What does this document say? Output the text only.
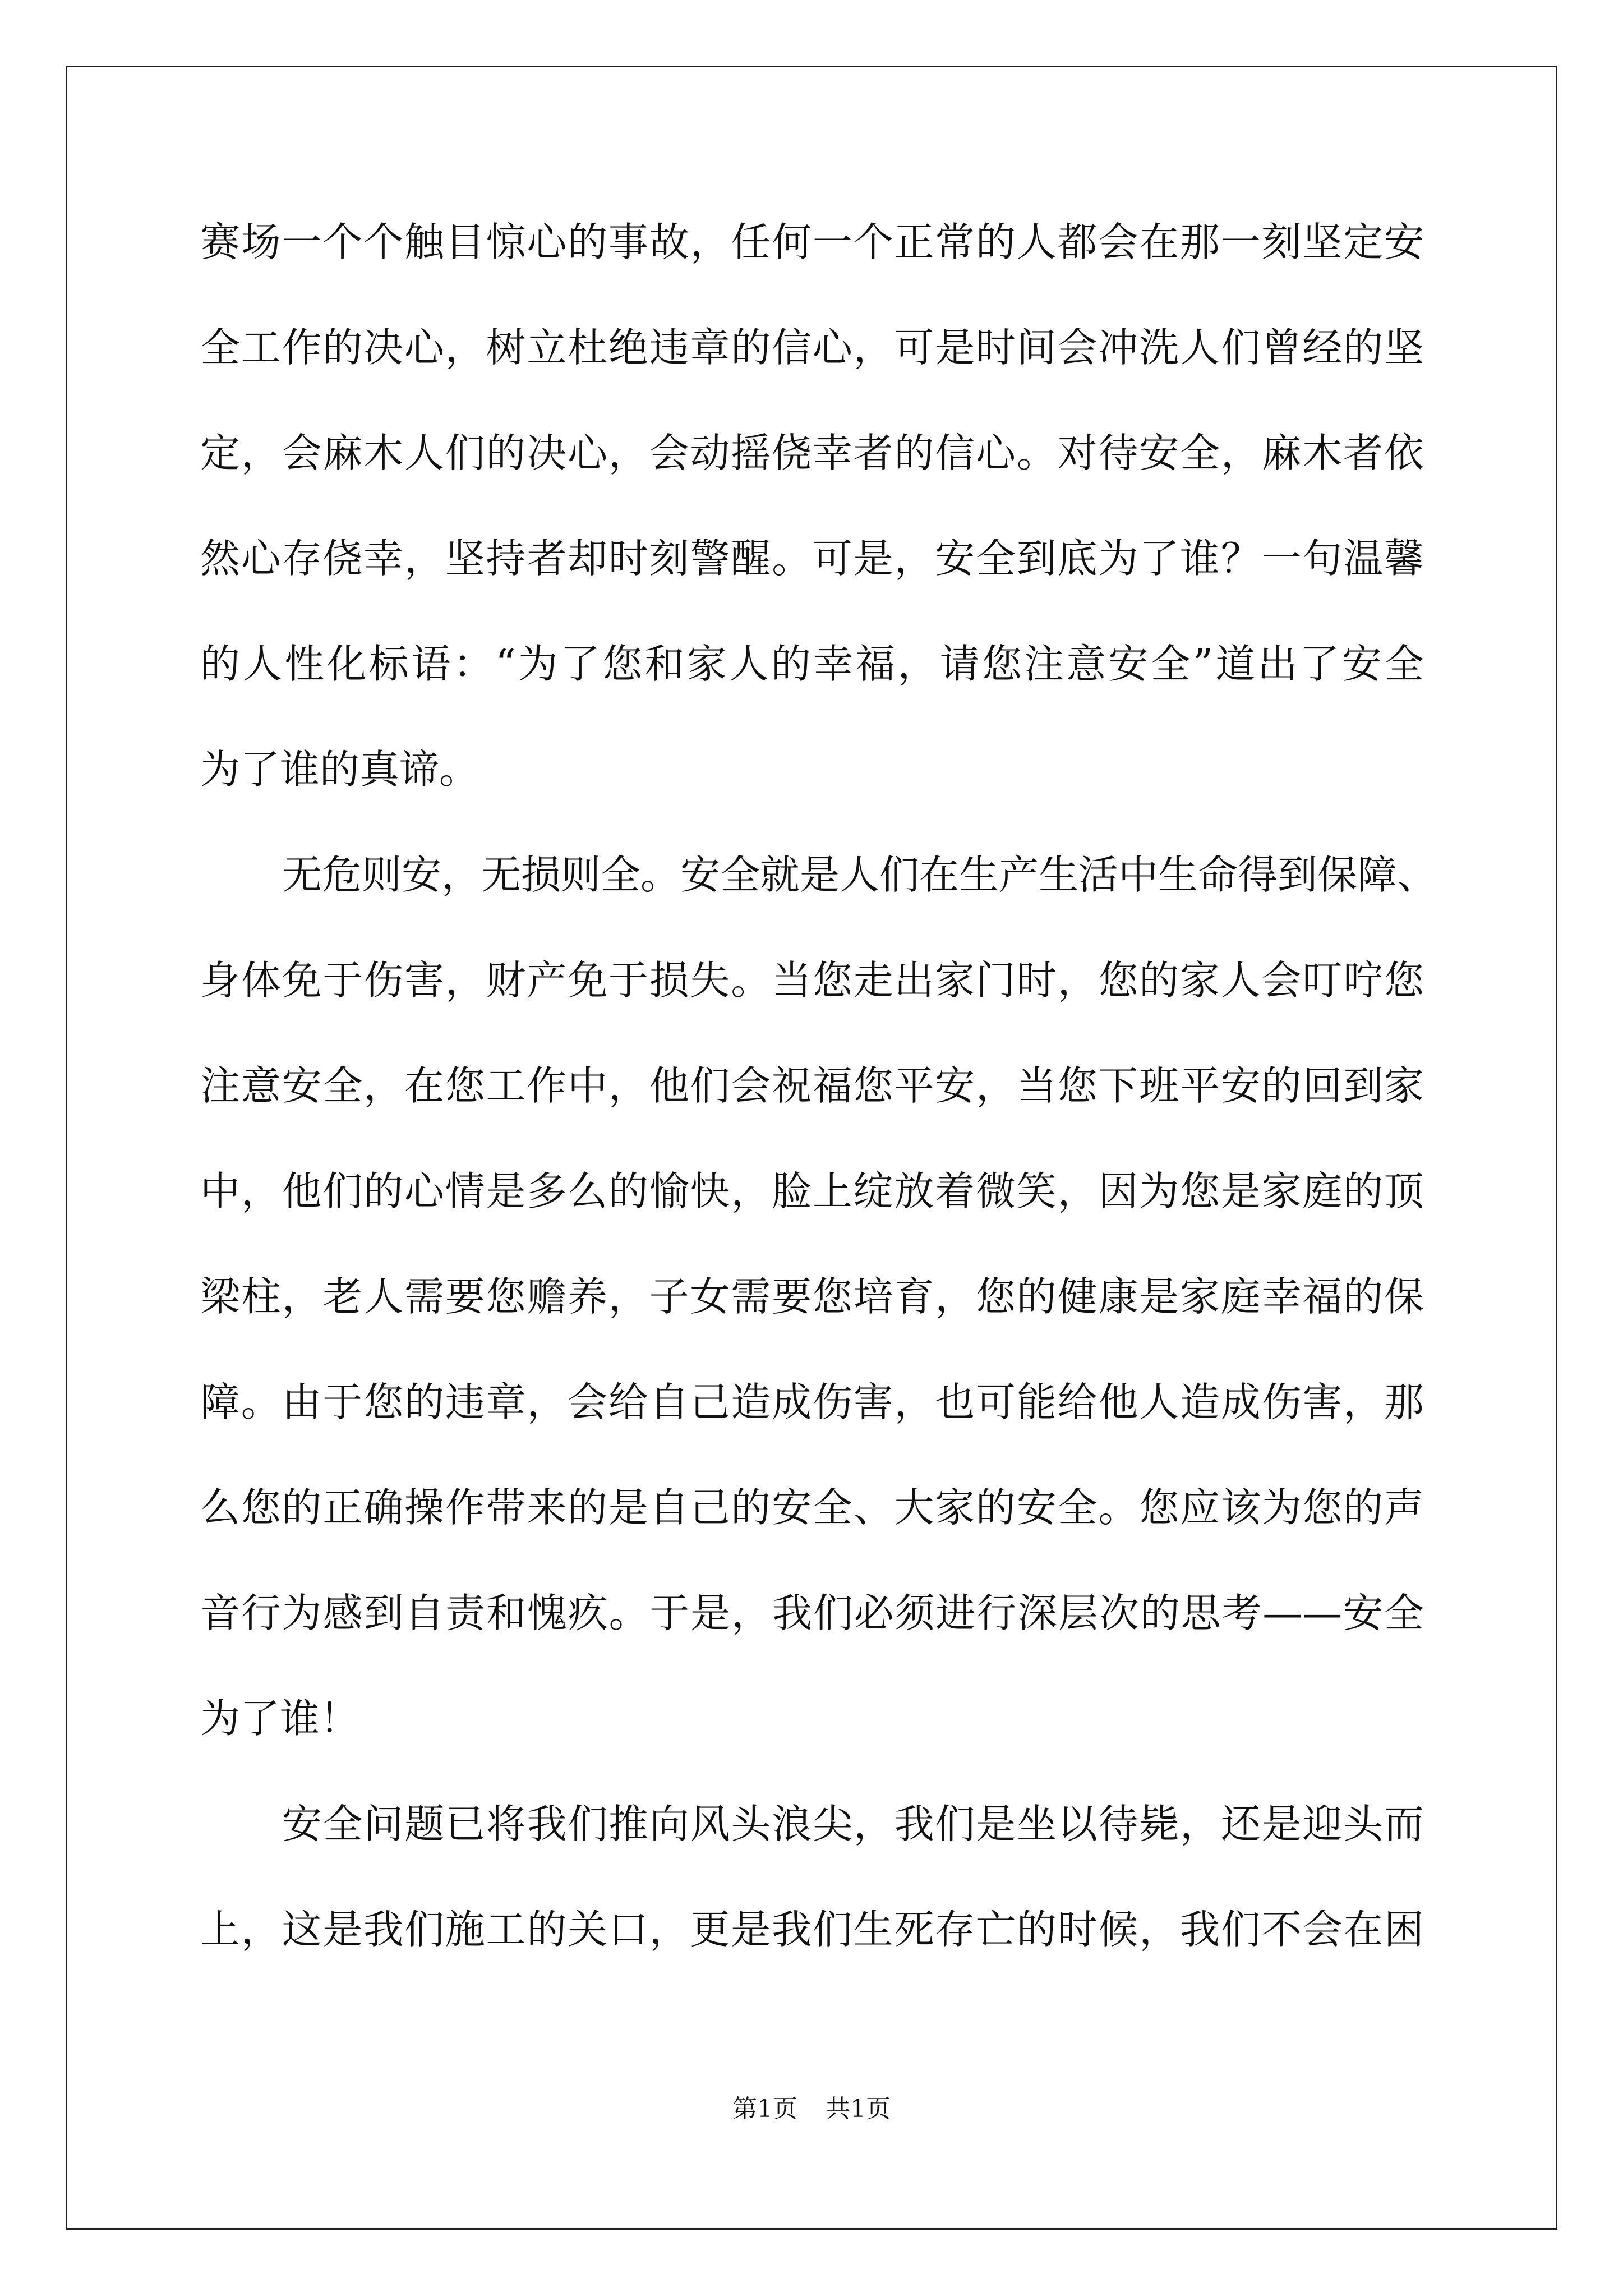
赛场一个个触目惊心的事故，任何一个正常的人都会在那一刻坚定安
全工作的决心，树立杜绝违章的信心，可是时间会冲洗人们曾经的坚
定，会麻木人们的决心，会动摇侥幸者的信心。对待安全，麻木者依
然心存侥幸，坚持者却时刻警醒。可是，安全到底为了谁？一句温馨
的人性化标语：“为了您和家人的幸福，请您注意安全”道出了安全
为了谁的真谛。
无危则安，无损则全。安全就是人们在生产生活中生命得到保障、
身体免于伤害，财产免于损失。当您走出家门时，您的家人会叮咛您
注意安全，在您工作中，他们会祝福您平安，当您下班平安的回到家
中，他们的心情是多么的愉快，脸上绽放着微笑，因为您是家庭的顶
梁柱，老人需要您赡养，子女需要您培育，您的健康是家庭幸福的保
障。由于您的违章，会给自己造成伤害，也可能给他人造成伤害，那
么您的正确操作带来的是自己的安全、大家的安全。您应该为您的声
音行为感到自责和愧疚。于是，我们必须进行深层次的思考——安全
为了谁！
安全问题已将我们推向风头浪尖，我们是坐以待毙，还是迎头而
上，这是我们施工的关口，更是我们生死存亡的时候，我们不会在困
第1页 共1页
